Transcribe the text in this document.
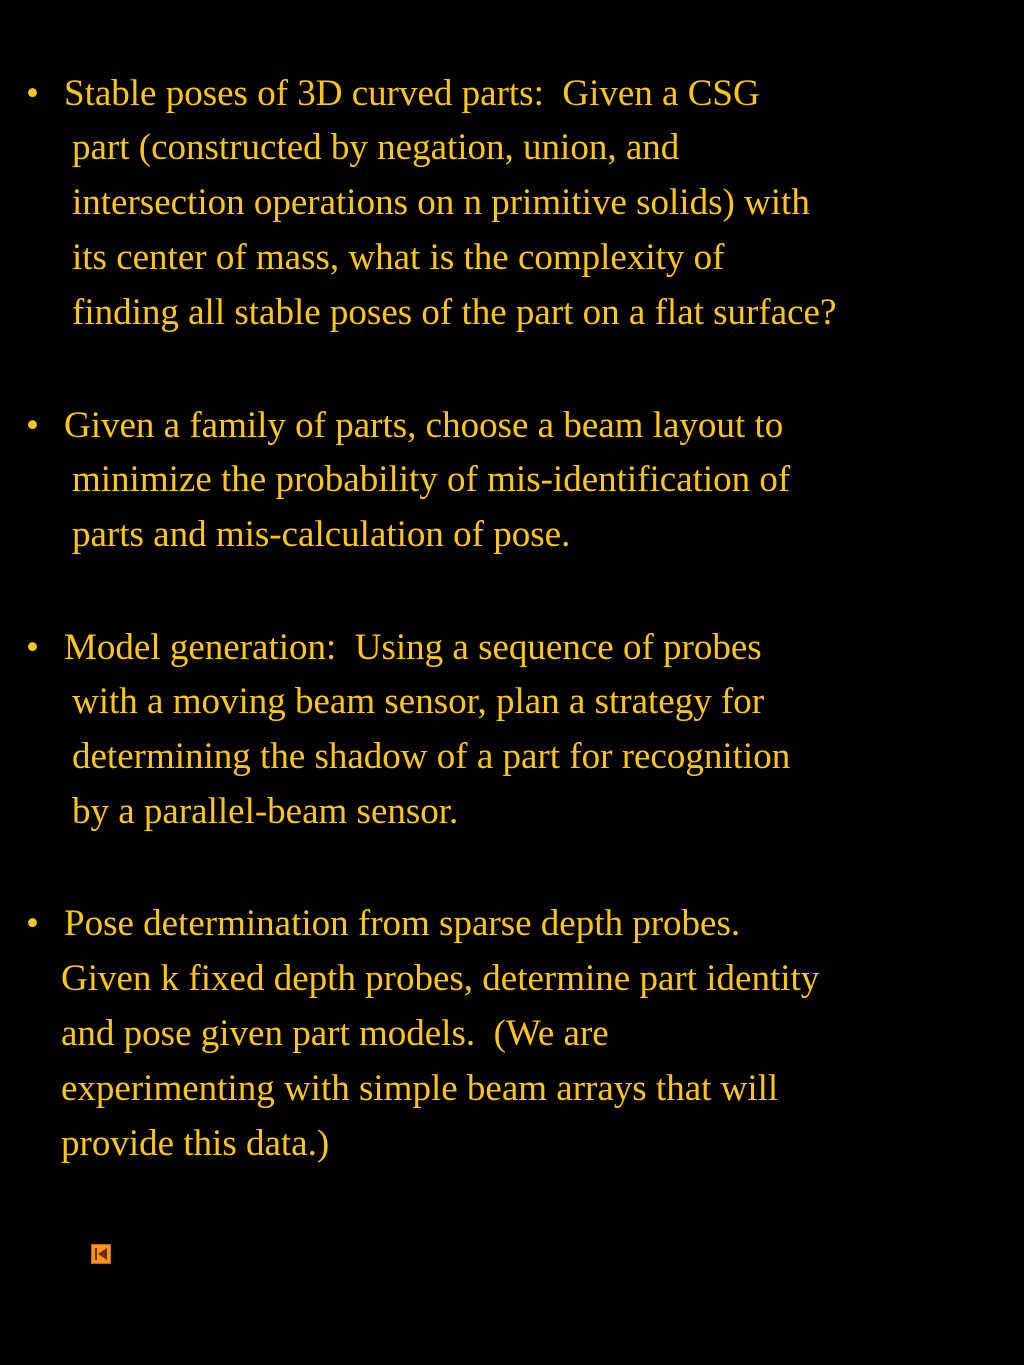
• Stable poses of 3D curved parts:  Given a CSG
part (constructed by negation, union, and
intersection operations on n primitive solids) with
its center of mass, what is the complexity of
finding all stable poses of the part on a flat surface?
• Given a family of parts, choose a beam layout to
minimize the probability of mis-identification of
parts and mis-calculation of pose.
• Model generation:  Using a sequence of probes
with a moving beam sensor, plan a strategy for
determining the shadow of a part for recognition
by a parallel-beam sensor.
• Pose determination from sparse depth probes.
Given k fixed depth probes, determine part identity
and pose given part models.  (We are
experimenting with simple beam arrays that will
provide this data.)
